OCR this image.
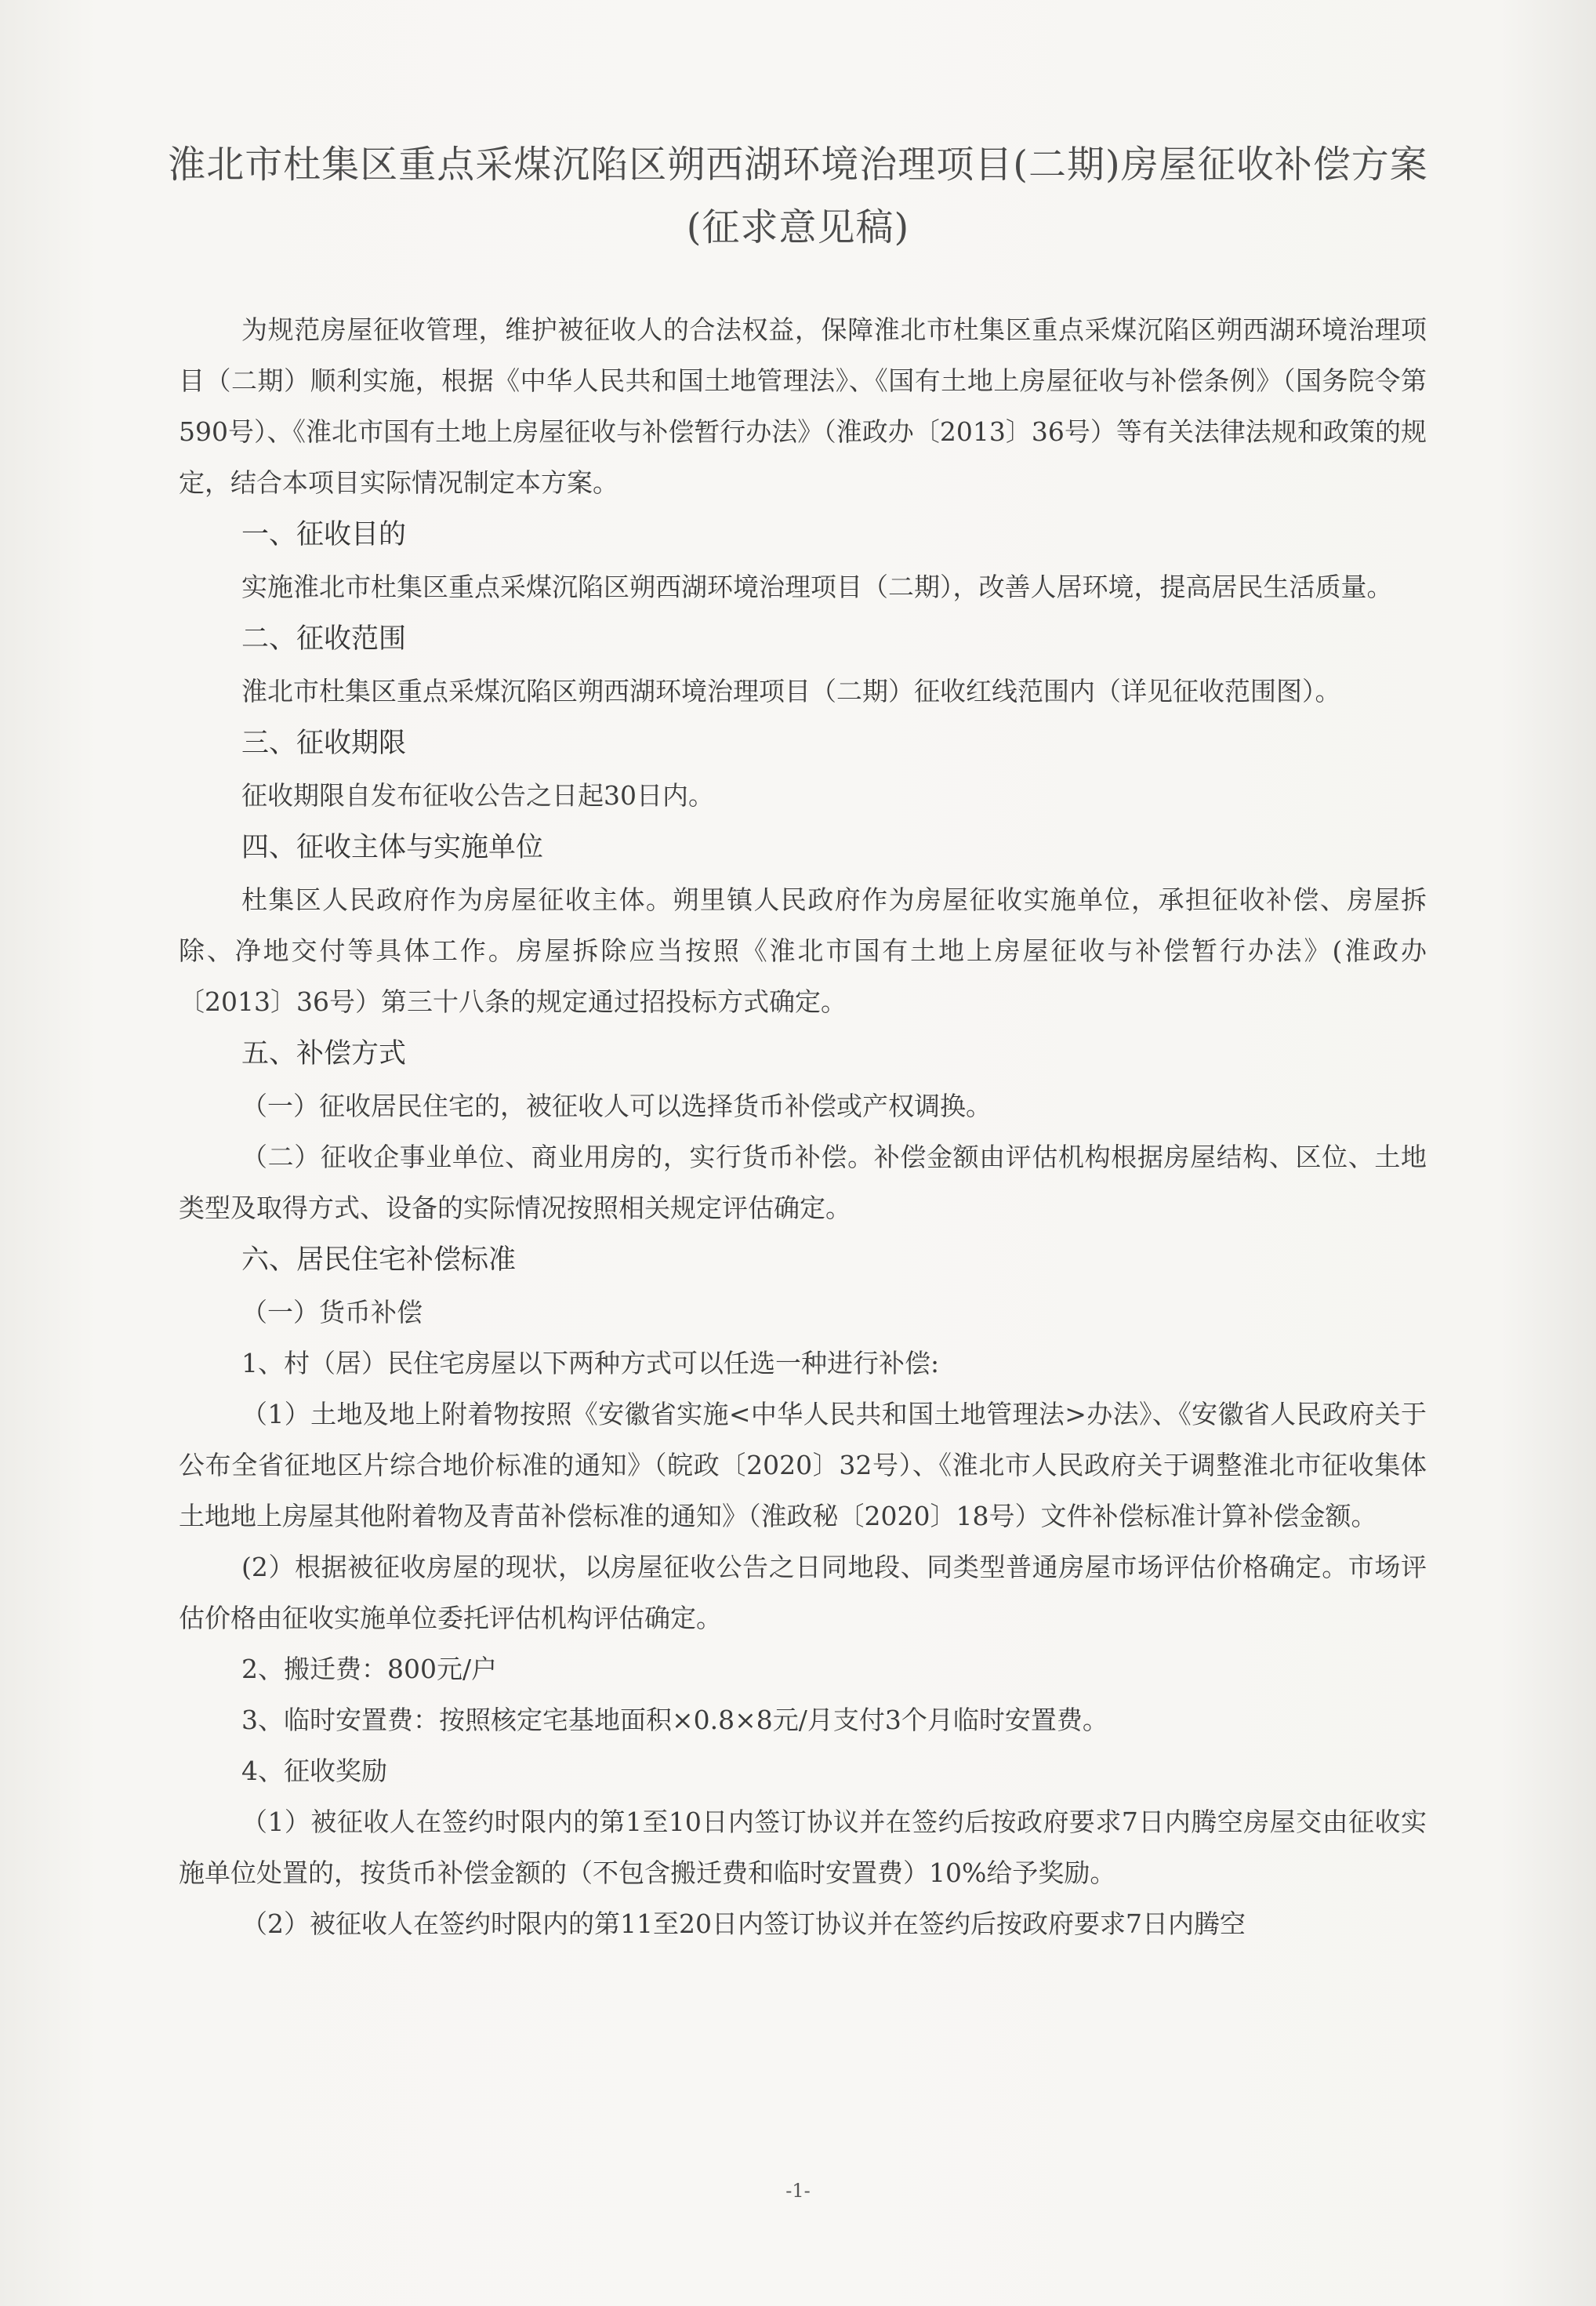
淮北市杜集区重点采煤沉陷区朔西湖环境治理项目(二期)房屋征收补偿方案
(征求意见稿)

为规范房屋征收管理，维护被征收人的合法权益，保障淮北市杜集区重点采煤沉陷区朔西湖环境治理项目（二期）顺利实施，根据《中华人民共和国土地管理法》、《国有土地上房屋征收与补偿条例》（国务院令第590号）、《淮北市国有土地上房屋征收与补偿暂行办法》（淮政办〔2013〕36号）等有关法律法规和政策的规定，结合本项目实际情况制定本方案。

一、征收目的

实施淮北市杜集区重点采煤沉陷区朔西湖环境治理项目（二期），改善人居环境，提高居民生活质量。

二、征收范围

淮北市杜集区重点采煤沉陷区朔西湖环境治理项目（二期）征收红线范围内（详见征收范围图）。

三、征收期限

征收期限自发布征收公告之日起30日内。

四、征收主体与实施单位

杜集区人民政府作为房屋征收主体。朔里镇人民政府作为房屋征收实施单位，承担征收补偿、房屋拆除、净地交付等具体工作。房屋拆除应当按照《淮北市国有土地上房屋征收与补偿暂行办法》(淮政办〔2013〕36号）第三十八条的规定通过招投标方式确定。

五、补偿方式

（一）征收居民住宅的，被征收人可以选择货币补偿或产权调换。

（二）征收企事业单位、商业用房的，实行货币补偿。补偿金额由评估机构根据房屋结构、区位、土地类型及取得方式、设备的实际情况按照相关规定评估确定。

六、居民住宅补偿标准

（一）货币补偿

1、村（居）民住宅房屋以下两种方式可以任选一种进行补偿:

（1）土地及地上附着物按照《安徽省实施<中华人民共和国土地管理法>办法》、《安徽省人民政府关于公布全省征地区片综合地价标准的通知》（皖政〔2020〕32号）、《淮北市人民政府关于调整淮北市征收集体土地地上房屋其他附着物及青苗补偿标准的通知》（淮政秘〔2020〕18号）文件补偿标准计算补偿金额。

(2）根据被征收房屋的现状，以房屋征收公告之日同地段、同类型普通房屋市场评估价格确定。市场评估价格由征收实施单位委托评估机构评估确定。

2、搬迁费：800元/户

3、临时安置费：按照核定宅基地面积×0.8×8元/月支付3个月临时安置费。

4、征收奖励

（1）被征收人在签约时限内的第1至10日内签订协议并在签约后按政府要求7日内腾空房屋交由征收实施单位处置的，按货币补偿金额的（不包含搬迁费和临时安置费）10%给予奖励。

（2）被征收人在签约时限内的第11至20日内签订协议并在签约后按政府要求7日内腾空

-1-
